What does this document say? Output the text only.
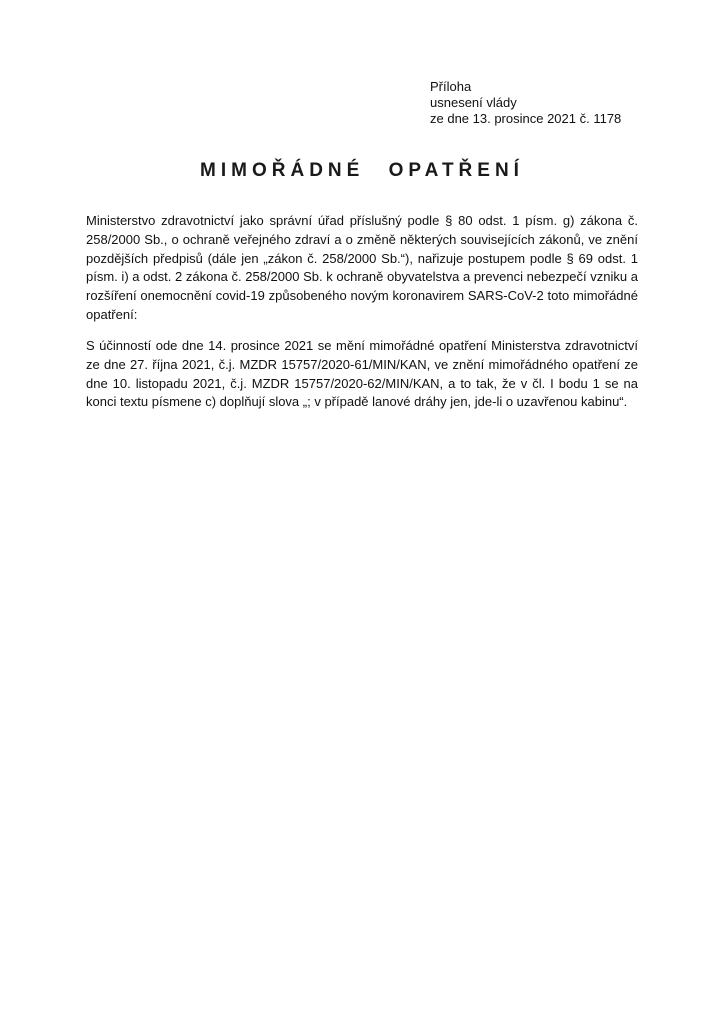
Příloha
usnesení vlády
ze dne 13. prosince 2021 č. 1178
MIMOŘÁDNÉ OPATŘENÍ
Ministerstvo zdravotnictví jako správní úřad příslušný podle § 80 odst. 1 písm. g) zákona č. 258/2000 Sb., o ochraně veřejného zdraví a o změně některých souvisejících zákonů, ve znění pozdějších předpisů (dále jen „zákon č. 258/2000 Sb.“), nařizuje postupem podle § 69 odst. 1 písm. i) a odst. 2 zákona č. 258/2000 Sb. k ochraně obyvatelstva a prevenci nebezpečí vzniku a rozšíření onemocnění covid-19 způsobeného novým koronavirem SARS-CoV-2 toto mimořádné opatření:
S účinností ode dne 14. prosince 2021 se mění mimořádné opatření Ministerstva zdravotnictví ze dne 27. října 2021, č.j. MZDR 15757/2020-61/MIN/KAN, ve znění mimořádného opatření ze dne 10. listopadu 2021, č.j. MZDR 15757/2020-62/MIN/KAN, a to tak, že v čl. I bodu 1 se na konci textu písmene c) doplňují slova „; v případě lanové dráhy jen, jde-li o uzavřenou kabinu“.
